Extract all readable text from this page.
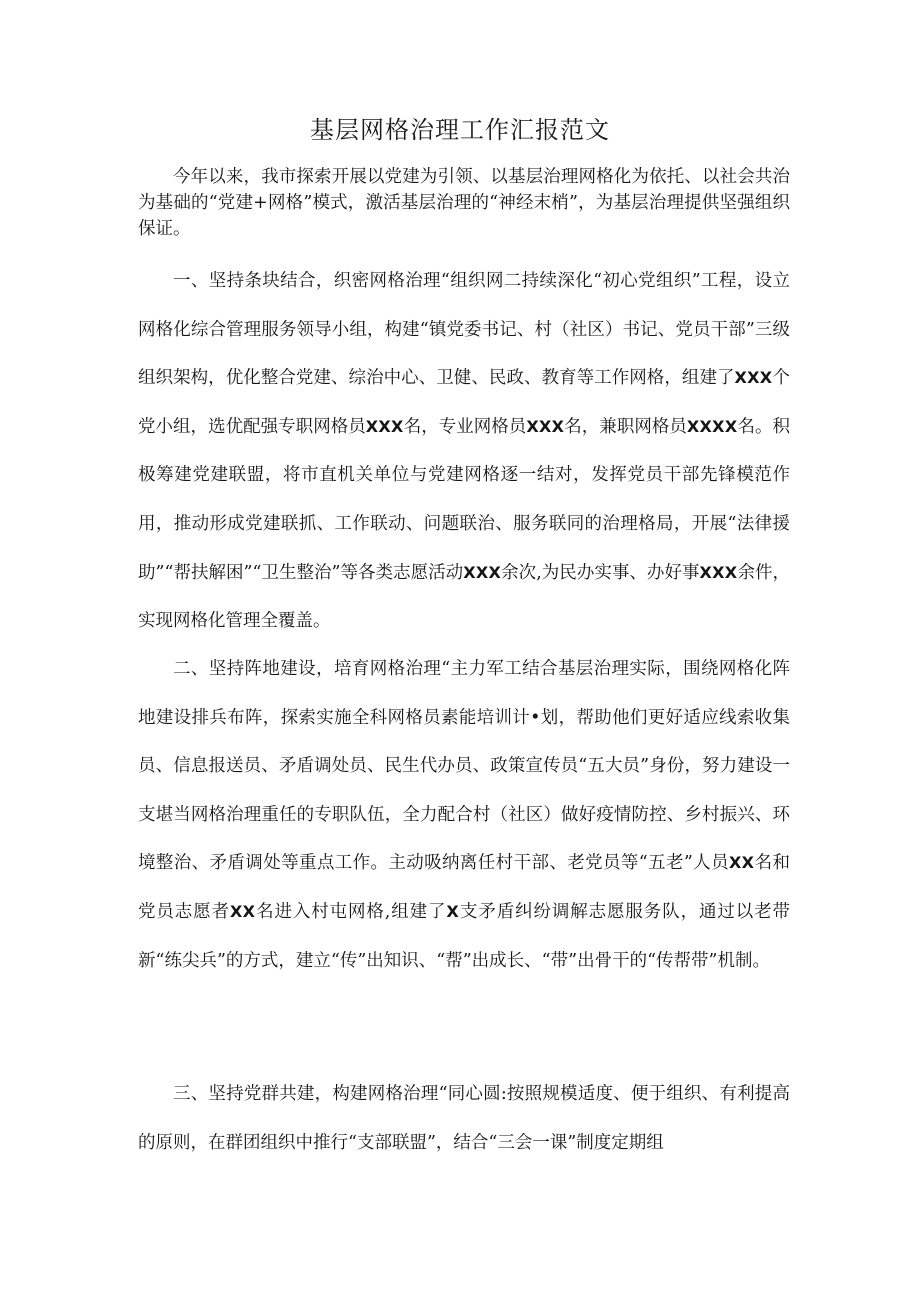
基层网格治理工作汇报范文

今年以来，我市探索开展以党建为引领、以基层治理网格化为依托、以社会共治为基础的“党建+网格”模式，激活基层治理的“神经末梢”，为基层治理提供坚强组织保证。

一、坚持条块结合，织密网格治理“组织网二持续深化“初心党组织”工程，设立网格化综合管理服务领导小组，构建“镇党委书记、村（社区）书记、党员干部”三级组织架构，优化整合党建、综治中心、卫健、民政、教育等工作网格，组建了XXX个党小组，选优配强专职网格员XXX名，专业网格员XXX名，兼职网格员XXXX名。积极筹建党建联盟，将市直机关单位与党建网格逐一结对，发挥党员干部先锋模范作用，推动形成党建联抓、工作联动、问题联治、服务联同的治理格局，开展“法律援助”“帮扶解困”“卫生整治”等各类志愿活动XXX余次,为民办实事、办好事XXX余件，实现网格化管理全覆盖。

二、坚持阵地建设，培育网格治理“主力军工结合基层治理实际，围绕网格化阵地建设排兵布阵，探索实施全科网格员素能培训计•划，帮助他们更好适应线索收集员、信息报送员、矛盾调处员、民生代办员、政策宣传员“五大员”身份，努力建设一支堪当网格治理重任的专职队伍，全力配合村（社区）做好疫情防控、乡村振兴、环境整治、矛盾调处等重点工作。主动吸纳离任村干部、老党员等“五老”人员XX名和党员志愿者XX名进入村屯网格,组建了X支矛盾纠纷调解志愿服务队，通过以老带新“练尖兵”的方式，建立“传”出知识、“帮”出成长、“带”出骨干的“传帮带”机制。

三、坚持党群共建，构建网格治理“同心圆:按照规模适度、便于组织、有利提高的原则，在群团组织中推行“支部联盟”，结合“三会一课”制度定期组
